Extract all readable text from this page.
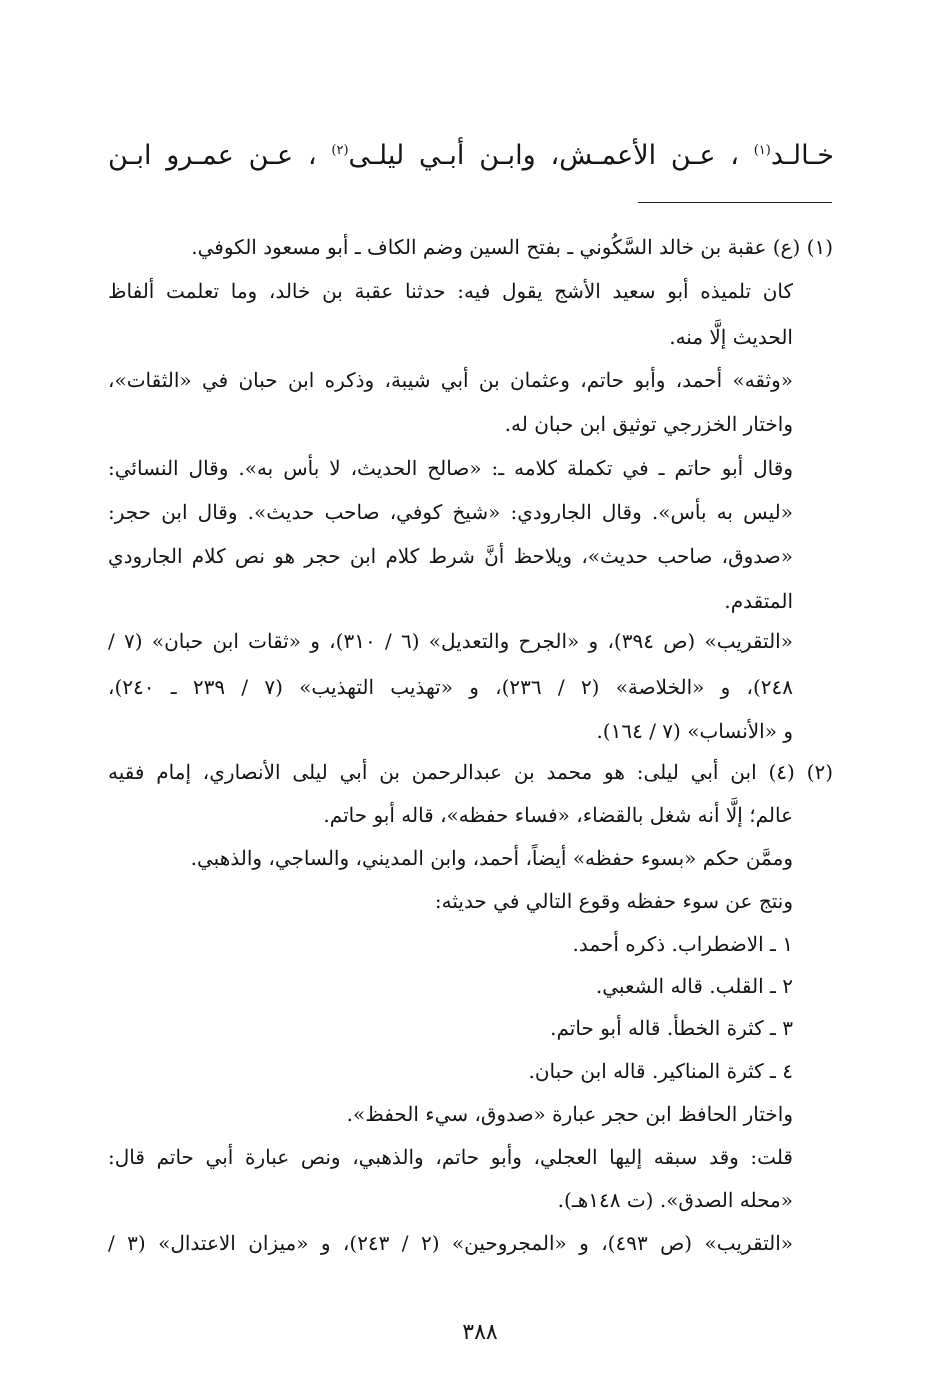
خـالـد$^{(١)}$ ، عـن الأعمـش، وابـن أبـي ليلـى$^{(٢)}$ ، عـن عمـرو ابـن
(١) (ع) عقبة بن خالد السَّكُوني ـ بفتح السين وضم الكاف ـ أبو مسعود الكوفي.
كان تلميذه أبو سعيد الأشج يقول فيه: حدثنا عقبة بن خالد، وما تعلمت ألفاظ
الحديث إلَّا منه.
«وثقه» أحمد، وأبو حاتم، وعثمان بن أبي شيبة، وذكره ابن حبان في «الثقات»،
واختار الخزرجي توثيق ابن حبان له.
وقال أبو حاتم ـ في تكملة كلامه ـ: «صالح الحديث، لا بأس به». وقال النسائي:
«ليس به بأس». وقال الجارودي: «شيخ كوفي، صاحب حديث». وقال ابن حجر:
«صدوق، صاحب حديث»، ويلاحظ أنَّ شرط كلام ابن حجر هو نص كلام الجارودي
المتقدم.
«التقريب» (ص ٣٩٤)، و «الجرح والتعديل» (٦ / ٣١٠)، و «ثقات ابن حبان» (٧ /
٢٤٨)، و «الخلاصة» (٢ / ٢٣٦)، و «تهذيب التهذيب» (٧ / ٢٣٩ ـ ٢٤٠)،
و «الأنساب» (٧ / ١٦٤).
(٢) (٤) ابن أبي ليلى: هو محمد بن عبدالرحمن بن أبي ليلى الأنصاري، إمام فقيه
عالم؛ إلَّا أنه شغل بالقضاء، «فساء حفظه»، قاله أبو حاتم.
وممَّن حكم «بسوء حفظه» أيضاً، أحمد، وابن المديني، والساجي، والذهبي.
ونتج عن سوء حفظه وقوع التالي في حديثه:
١ ـ الاضطراب. ذكره أحمد.
٢ ـ القلب. قاله الشعبي.
٣ ـ كثرة الخطأ. قاله أبو حاتم.
٤ ـ كثرة المناكير. قاله ابن حبان.
واختار الحافظ ابن حجر عبارة «صدوق، سيء الحفظ».
قلت: وقد سبقه إليها العجلي، وأبو حاتم، والذهبي، ونص عبارة أبي حاتم قال:
«محله الصدق». (ت ١٤٨هـ).
«التقريب» (ص ٤٩٣)، و «المجروحين» (٢ / ٢٤٣)، و «ميزان الاعتدال» (٣ /
٣٨٨
